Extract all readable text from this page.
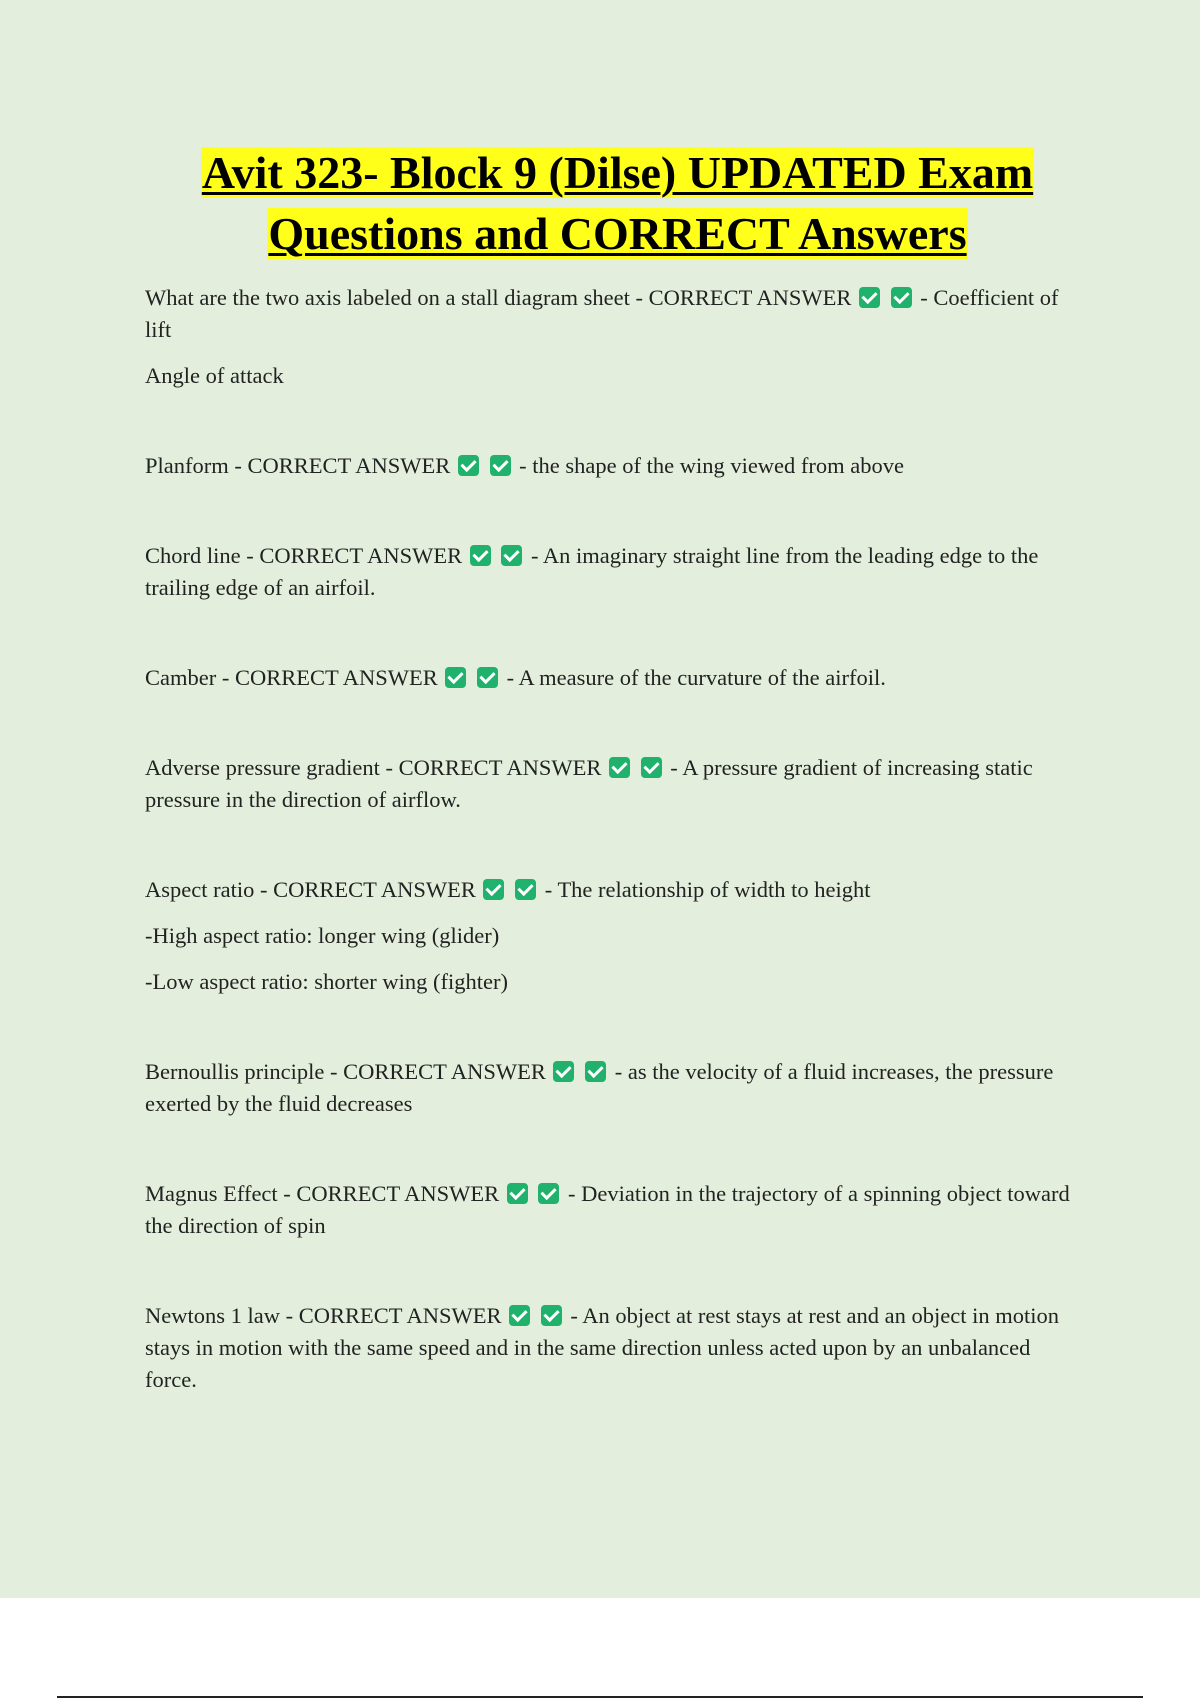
Avit 323- Block 9 (Dilse) UPDATED Exam
Questions and CORRECT Answers

What are the two axis labeled on a stall diagram sheet - CORRECT ANSWER	- Coefficient of lift

Angle of attack

Planform - CORRECT ANSWER	- the shape of the wing viewed from above

Chord line - CORRECT ANSWER	- An imaginary straight line from the leading edge to the trailing edge of an airfoil.

Camber - CORRECT ANSWER	- A measure of the curvature of the airfoil.

Adverse pressure gradient - CORRECT ANSWER	- A pressure gradient of increasing static pressure in the direction of airflow.

Aspect ratio - CORRECT ANSWER	- The relationship of width to height

-High aspect ratio: longer wing (glider)

-Low aspect ratio: shorter wing (fighter)

Bernoullis principle - CORRECT ANSWER	- as the velocity of a fluid increases, the pressure exerted by the fluid decreases

Magnus Effect - CORRECT ANSWER	- Deviation in the trajectory of a spinning object toward the direction of spin

Newtons 1 law - CORRECT ANSWER	- An object at rest stays at rest and an object in motion stays in motion with the same speed and in the same direction unless acted upon by an unbalanced force.
